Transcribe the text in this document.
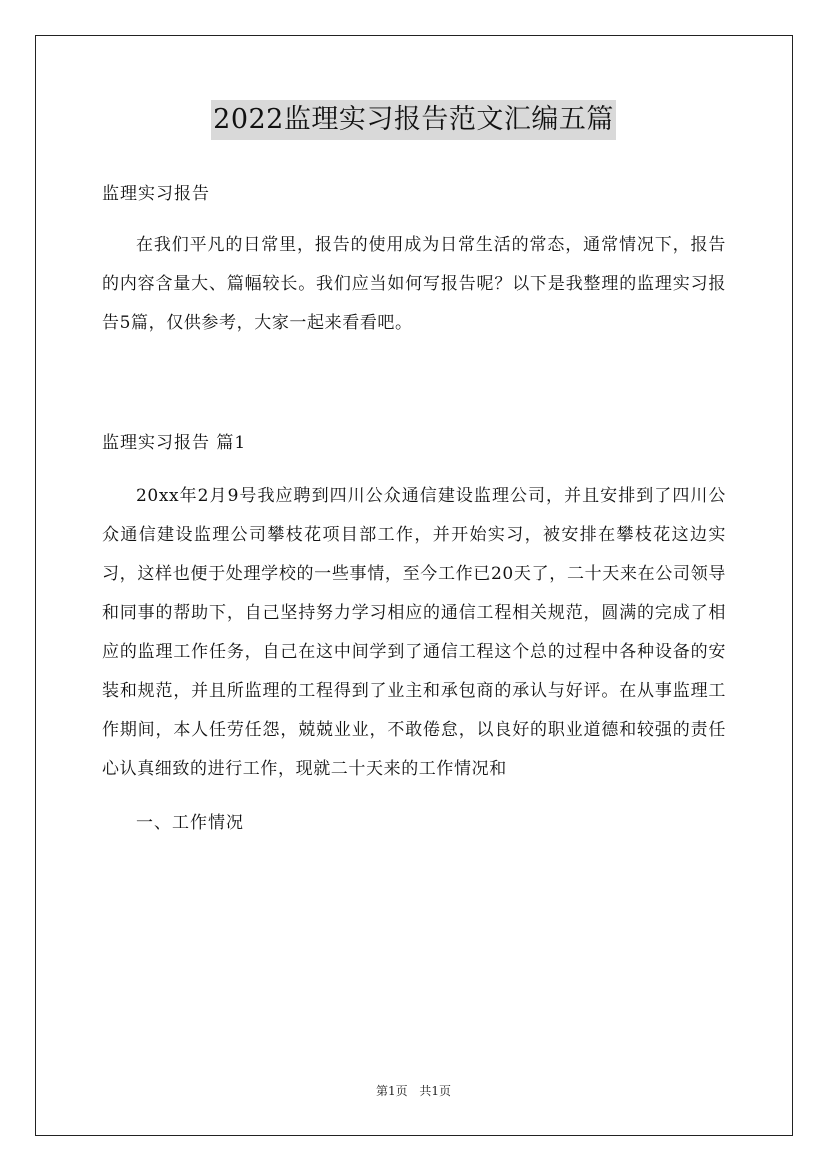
2022监理实习报告范文汇编五篇

监理实习报告

在我们平凡的日常里，报告的使用成为日常生活的常态，通常情况下，报告的内容含量大、篇幅较长。我们应当如何写报告呢？以下是我整理的监理实习报告5篇，仅供参考，大家一起来看看吧。

监理实习报告 篇1

20xx年2月9号我应聘到四川公众通信建设监理公司，并且安排到了四川公众通信建设监理公司攀枝花项目部工作，并开始实习，被安排在攀枝花这边实习，这样也便于处理学校的一些事情，至今工作已20天了，二十天来在公司领导和同事的帮助下，自己坚持努力学习相应的通信工程相关规范，圆满的完成了相应的监理工作任务，自己在这中间学到了通信工程这个总的过程中各种设备的安装和规范，并且所监理的工程得到了业主和承包商的承认与好评。在从事监理工作期间，本人任劳任怨，兢兢业业，不敢倦怠，以良好的职业道德和较强的责任心认真细致的进行工作，现就二十天来的工作情况和

一、工作情况

第1页 共1页
